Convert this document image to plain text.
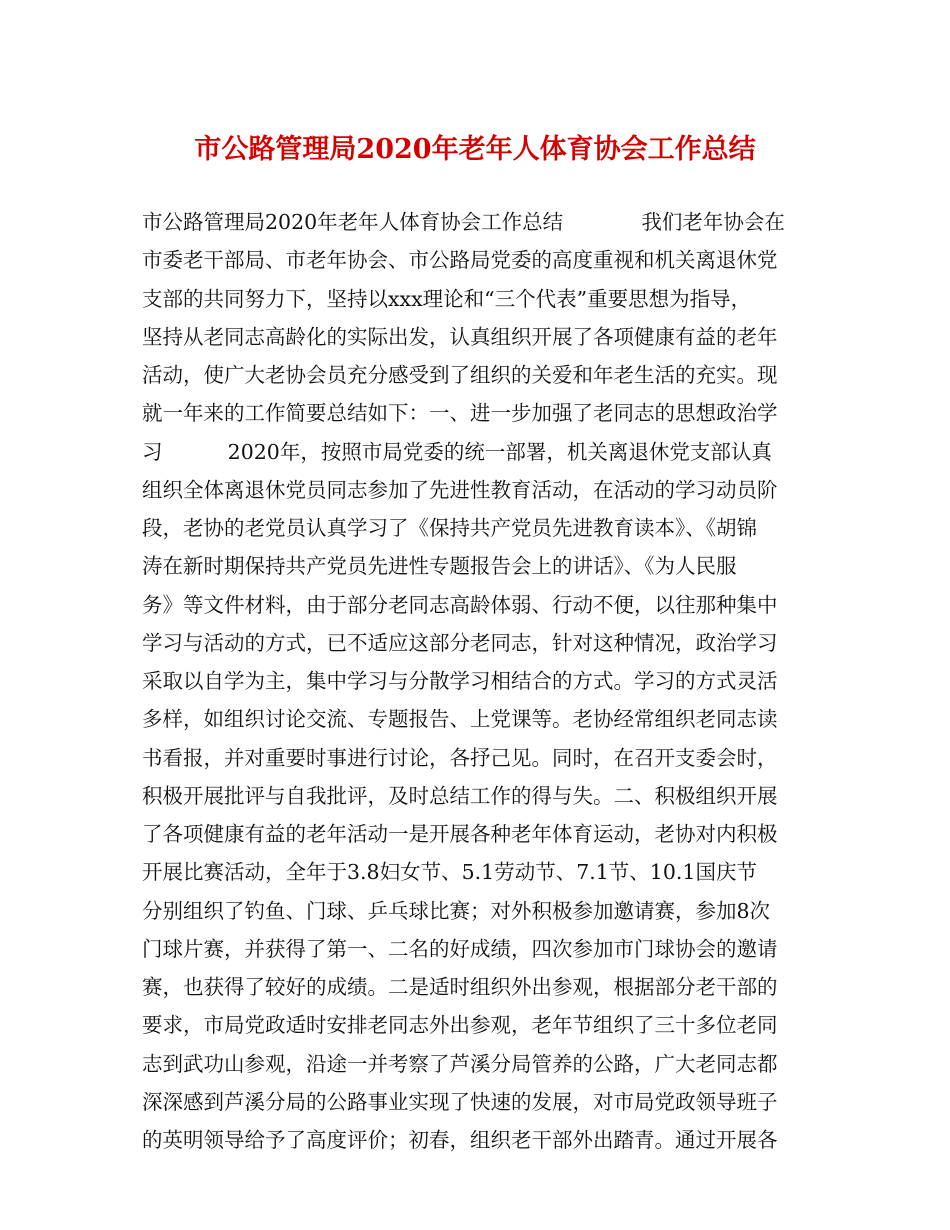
市公路管理局2020年老年人体育协会工作总结
市公路管理局2020年老年人体育协会工作总结            我们老年协会在
市委老干部局、市老年协会、市公路局党委的高度重视和机关离退休党
支部的共同努力下，坚持以xxx理论和“三个代表”重要思想为指导，
坚持从老同志高龄化的实际出发，认真组织开展了各项健康有益的老年
活动，使广大老协会员充分感受到了组织的关爱和年老生活的充实。现
就一年来的工作简要总结如下：一、进一步加强了老同志的思想政治学
习          2020年，按照市局党委的统一部署，机关离退休党支部认真
组织全体离退休党员同志参加了先进性教育活动，在活动的学习动员阶
段，老协的老党员认真学习了《保持共产党员先进教育读本》、《胡锦
涛在新时期保持共产党员先进性专题报告会上的讲话》、《为人民服
务》等文件材料，由于部分老同志高龄体弱、行动不便，以往那种集中
学习与活动的方式，已不适应这部分老同志，针对这种情况，政治学习
采取以自学为主，集中学习与分散学习相结合的方式。学习的方式灵活
多样，如组织讨论交流、专题报告、上党课等。老协经常组织老同志读
书看报，并对重要时事进行讨论，各抒己见。同时，在召开支委会时，
积极开展批评与自我批评，及时总结工作的得与失。二、积极组织开展
了各项健康有益的老年活动一是开展各种老年体育运动，老协对内积极
开展比赛活动，全年于3.8妇女节、5.1劳动节、7.1节、10.1国庆节
分别组织了钓鱼、门球、乒乓球比赛；对外积极参加邀请赛，参加8次
门球片赛，并获得了第一、二名的好成绩，四次参加市门球协会的邀请
赛，也获得了较好的成绩。二是适时组织外出参观，根据部分老干部的
要求，市局党政适时安排老同志外出参观，老年节组织了三十多位老同
志到武功山参观，沿途一并考察了芦溪分局管养的公路，广大老同志都
深深感到芦溪分局的公路事业实现了快速的发展，对市局党政领导班子
的英明领导给予了高度评价；初春，组织老干部外出踏青。通过开展各
